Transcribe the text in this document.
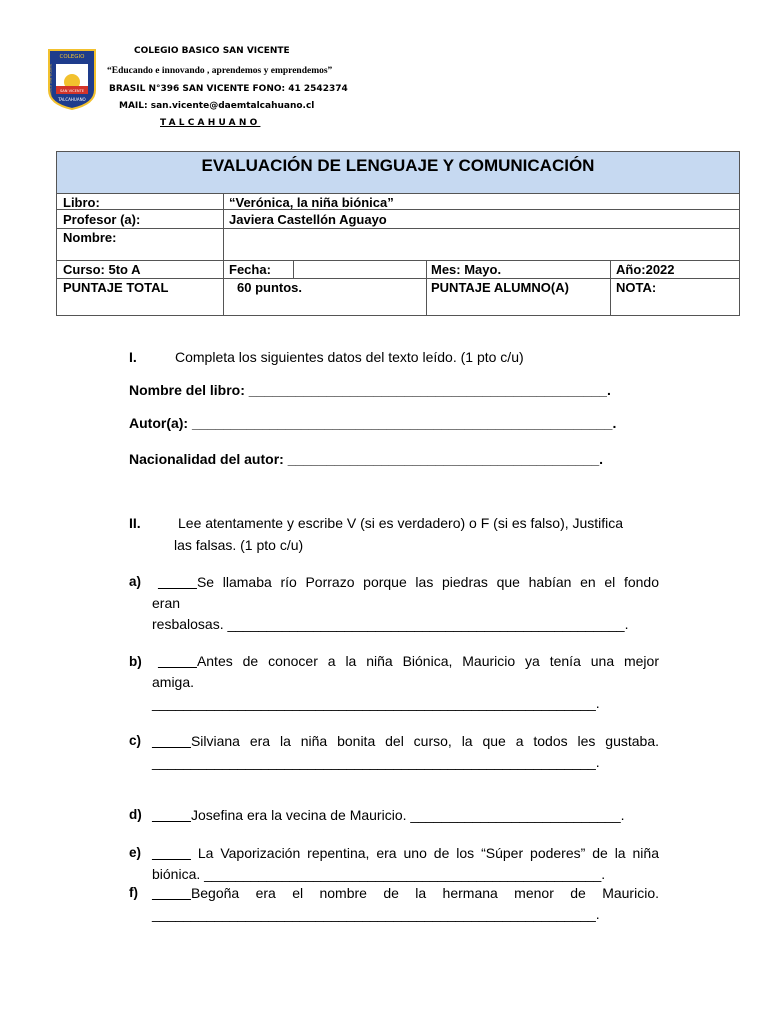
COLEGIO
SAN VICENTE
BASICO SAN VICENTE
TALCAHUANO
COLEGIO BASICO SAN VICENTE
“Educando e innovando , aprendemos y emprendemos”
BRASIL N°396 SAN VICENTE FONO: 41 2542374
MAIL: san.vicente@daemtalcahuano.cl
TALCAHUANO
EVALUACIÓN DE LENGUAJE Y COMUNICACIÓN
Libro:	“Verónica, la niña biónica”
Profesor (a):	Javiera Castellón Aguayo
Nombre:
Curso: 5to A	Fecha:	Mes: Mayo.	Año:2022
PUNTAJE TOTAL	60 puntos.	PUNTAJE ALUMNO(A)	NOTA:
I.	Completa los siguientes datos del texto leído. (1 pto c/u)
Nombre del libro: ______________________________________________.
Autor(a): ______________________________________________________.
Nacionalidad del autor: ________________________________________.
II.	Lee atentamente y escribe V (si es verdadero) o F (si es falso), Justifica
las falsas. (1 pto c/u)
a)	_____Se llamaba río Porrazo porque las piedras que habían en el fondo
eran
resbalosas. ___________________________________________________.
b)	_____Antes de conocer a la niña Biónica, Mauricio ya tenía una mejor
amiga.
_________________________________________________________.
c) _____Silviana era la niña bonita del curso, la que a todos les gustaba.
_________________________________________________________.
d) _____Josefina era la vecina de Mauricio. ___________________________.
e) _____ La Vaporización repentina, era uno de los “Súper poderes” de la niña
biónica. ___________________________________________________.
f) _____Begoña era el nombre de la hermana menor de Mauricio.
_________________________________________________________.
